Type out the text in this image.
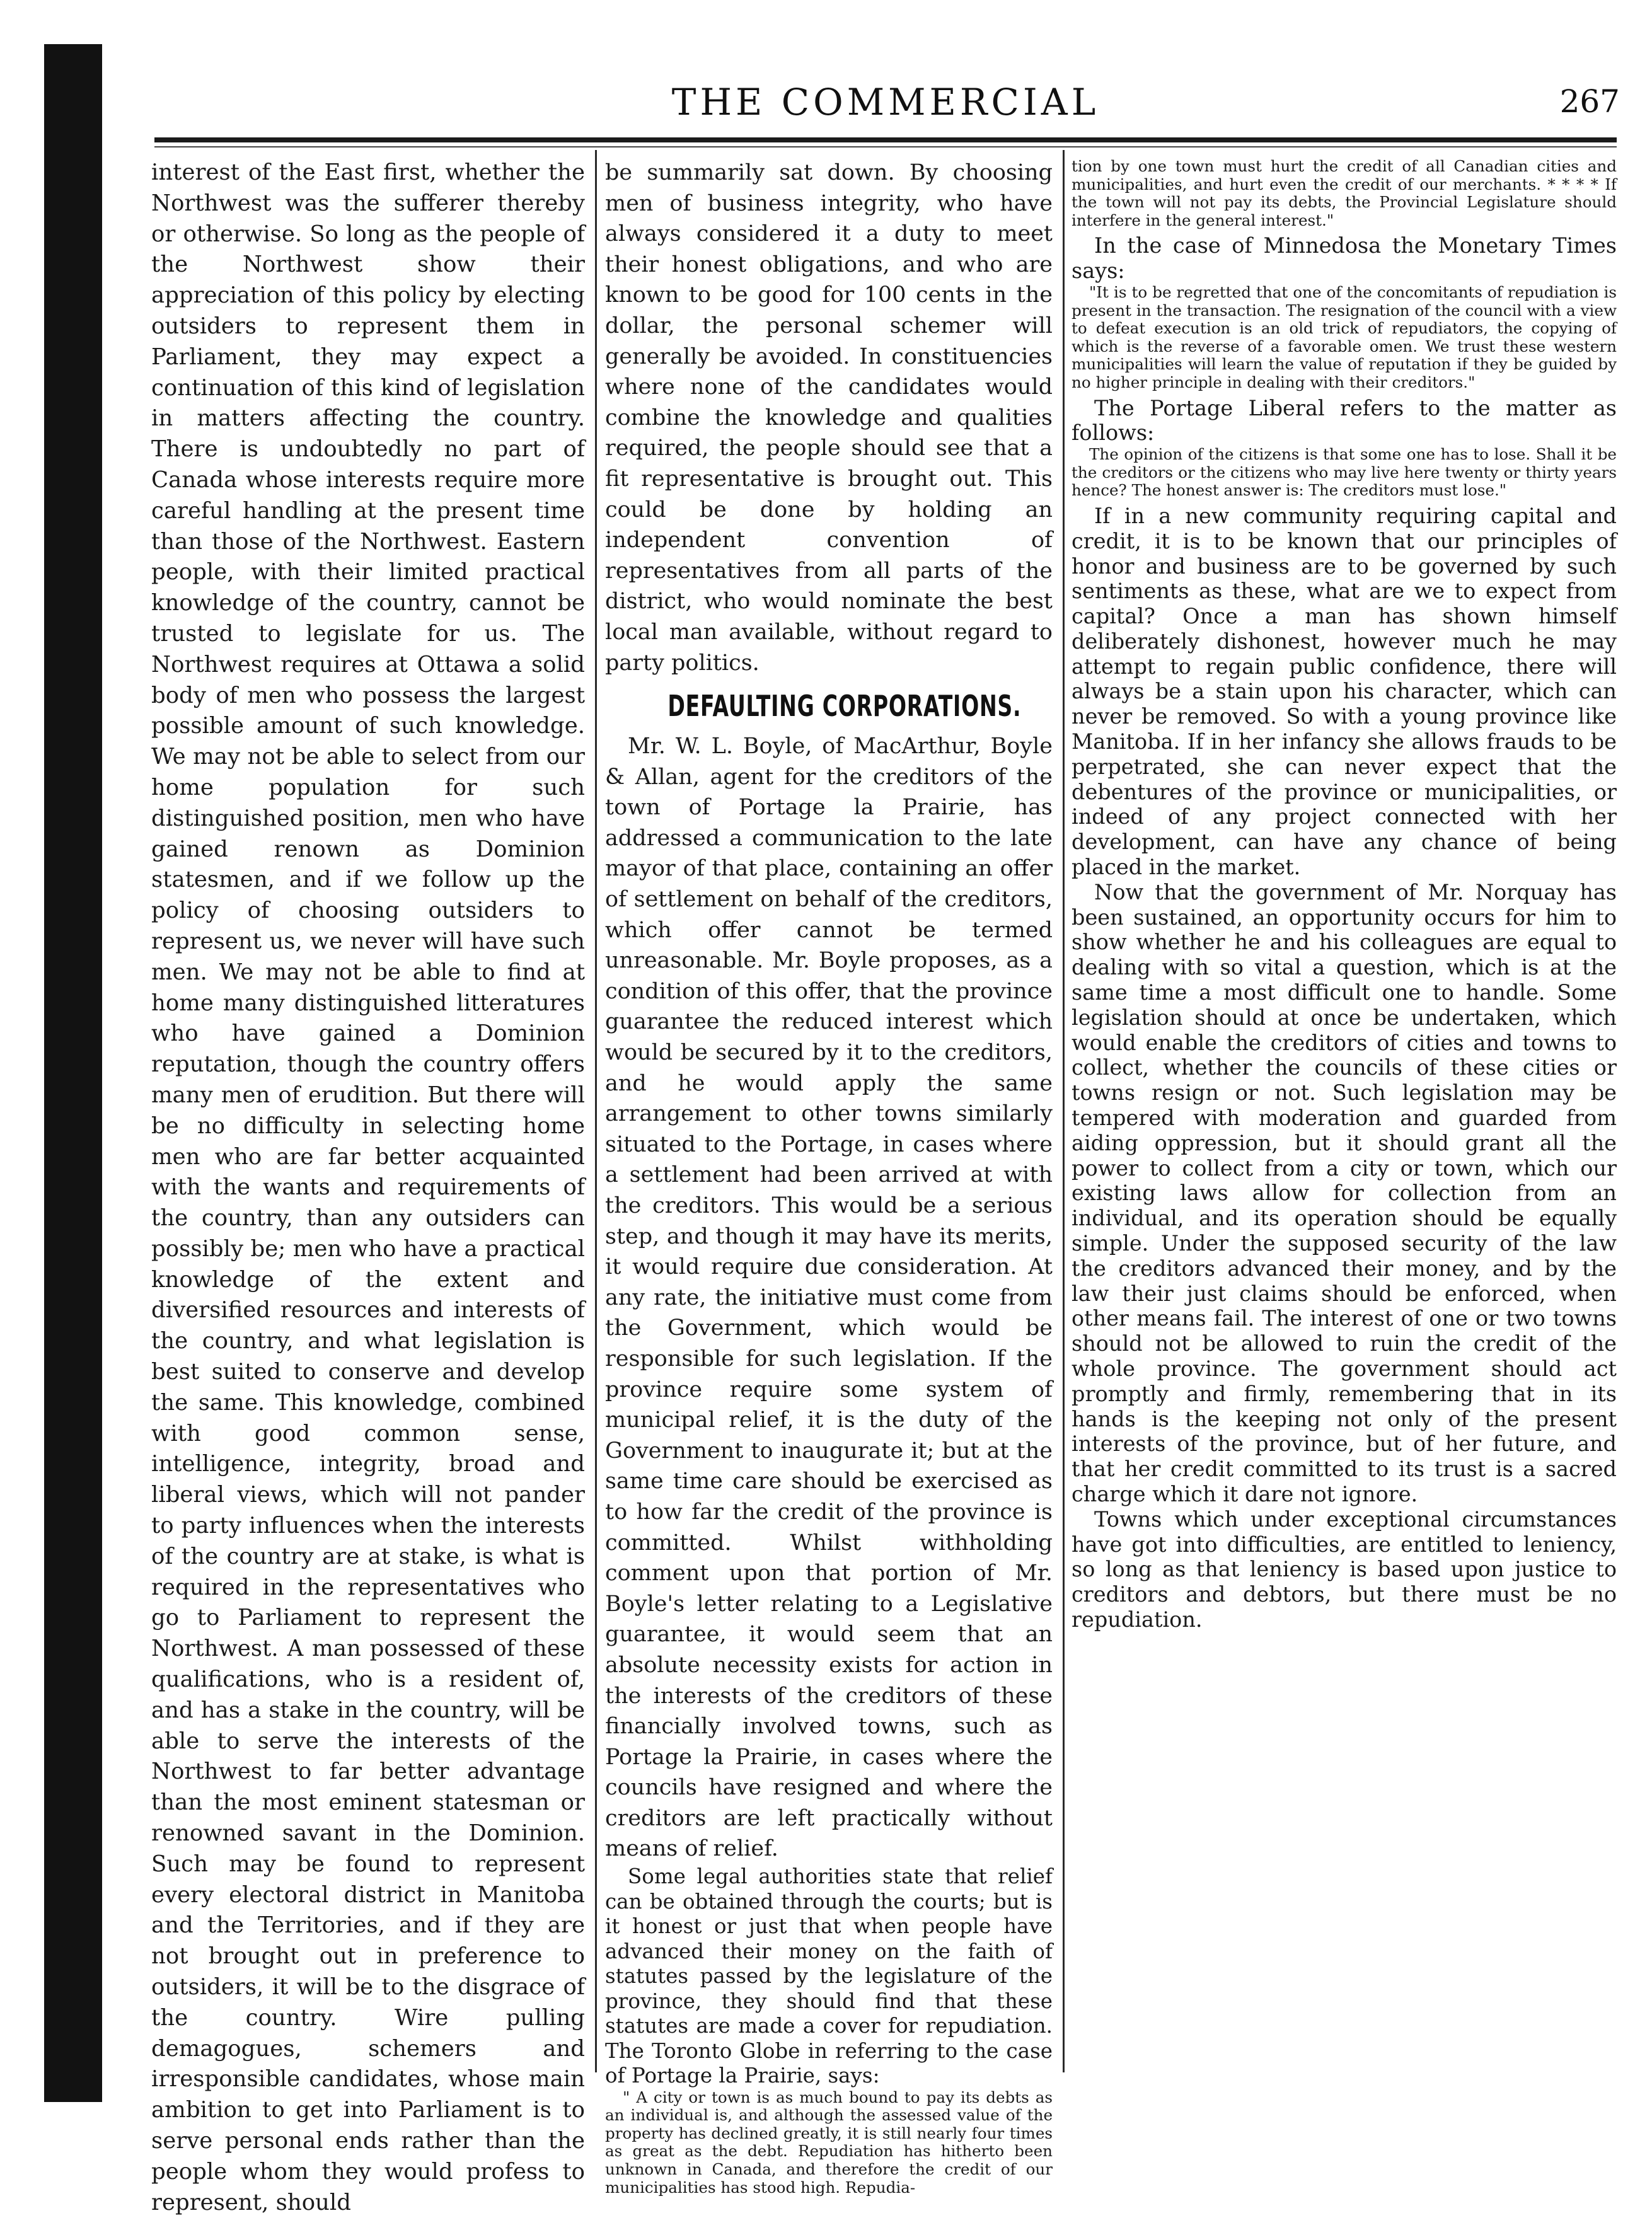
THE COMMERCIAL	267

interest of the East first, whether the Northwest was the sufferer thereby or otherwise. So long as the people of the Northwest show their appreciation of this policy by electing outsiders to represent them in Parliament, they may expect a continuation of this kind of legislation in matters affecting the country. There is undoubtedly no part of Canada whose interests require more careful handling at the present time than those of the Northwest. Eastern people, with their limited practical knowledge of the country, cannot be trusted to legislate for us. The Northwest requires at Ottawa a solid body of men who possess the largest possible amount of such knowledge. We may not be able to select from our home population for such distinguished position, men who have gained renown as Dominion statesmen, and if we follow up the policy of choosing outsiders to represent us, we never will have such men. We may not be able to find at home many distinguished litteratures who have gained a Dominion reputation, though the country offers many men of erudition. But there will be no difficulty in selecting home men who are far better acquainted with the wants and requirements of the country, than any outsiders can possibly be; men who have a practical knowledge of the extent and diversified resources and interests of the country, and what legislation is best suited to conserve and develop the same. This knowledge, combined with good common sense, intelligence, integrity, broad and liberal views, which will not pander to party influences when the interests of the country are at stake, is what is required in the representatives who go to Parliament to represent the Northwest. A man possessed of these qualifications, who is a resident of, and has a stake in the country, will be able to serve the interests of the Northwest to far better advantage than the most eminent statesman or renowned savant in the Dominion. Such may be found to represent every electoral district in Manitoba and the Territories, and if they are not brought out in preference to outsiders, it will be to the disgrace of the country. Wire pulling demagogues, schemers and irresponsible candidates, whose main ambition to get into Parliament is to serve personal ends rather than the people whom they would profess to represent, should

be summarily sat down. By choosing men of business integrity, who have always considered it a duty to meet their honest obligations, and who are known to be good for 100 cents in the dollar, the personal schemer will generally be avoided. In constituencies where none of the candidates would combine the knowledge and qualities required, the people should see that a fit representative is brought out. This could be done by holding an independent convention of representatives from all parts of the district, who would nominate the best local man available, without regard to party politics.

DEFAULTING CORPORATIONS.

Mr. W. L. Boyle, of MacArthur, Boyle & Allan, agent for the creditors of the town of Portage la Prairie, has addressed a communication to the late mayor of that place, containing an offer of settlement on behalf of the creditors, which offer cannot be termed unreasonable. Mr. Boyle proposes, as a condition of this offer, that the province guarantee the reduced interest which would be secured by it to the creditors, and he would apply the same arrangement to other towns similarly situated to the Portage, in cases where a settlement had been arrived at with the creditors. This would be a serious step, and though it may have its merits, it would require due consideration. At any rate, the initiative must come from the Government, which would be responsible for such legislation. If the province require some system of municipal relief, it is the duty of the Government to inaugurate it; but at the same time care should be exercised as to how far the credit of the province is committed. Whilst withholding comment upon that portion of Mr. Boyle's letter relating to a Legislative guarantee, it would seem that an absolute necessity exists for action in the interests of the creditors of these financially involved towns, such as Portage la Prairie, in cases where the councils have resigned and where the creditors are left practically without means of relief.

Some legal authorities state that relief can be obtained through the courts; but is it honest or just that when people have advanced their money on the faith of statutes passed by the legislature of the province, they should find that these statutes are made a cover for repudiation. The Toronto Globe in referring to the case of Portage la Prairie, says:

" A city or town is as much bound to pay its debts as an individual is, and although the assessed value of the property has declined greatly, it is still nearly four times as great as the debt. Repudiation has hitherto been unknown in Canada, and therefore the credit of our municipalities has stood high. Repudia-

tion by one town must hurt the credit of all Canadian cities and municipalities, and hurt even the credit of our merchants. * * * * If the town will not pay its debts, the Provincial Legislature should interfere in the general interest."

In the case of Minnedosa the Monetary Times says:

"It is to be regretted that one of the concomitants of repudiation is present in the transaction. The resignation of the council with a view to defeat execution is an old trick of repudiators, the copying of which is the reverse of a favorable omen. We trust these western municipalities will learn the value of reputation if they be guided by no higher principle in dealing with their creditors."

The Portage Liberal refers to the matter as follows:

The opinion of the citizens is that some one has to lose. Shall it be the creditors or the citizens who may live here twenty or thirty years hence? The honest answer is: The creditors must lose."

If in a new community requiring capital and credit, it is to be known that our principles of honor and business are to be governed by such sentiments as these, what are we to expect from capital? Once a man has shown himself deliberately dishonest, however much he may attempt to regain public confidence, there will always be a stain upon his character, which can never be removed. So with a young province like Manitoba. If in her infancy she allows frauds to be perpetrated, she can never expect that the debentures of the province or municipalities, or indeed of any project connected with her development, can have any chance of being placed in the market.

Now that the government of Mr. Norquay has been sustained, an opportunity occurs for him to show whether he and his colleagues are equal to dealing with so vital a question, which is at the same time a most difficult one to handle. Some legislation should at once be undertaken, which would enable the creditors of cities and towns to collect, whether the councils of these cities or towns resign or not. Such legislation may be tempered with moderation and guarded from aiding oppression, but it should grant all the power to collect from a city or town, which our existing laws allow for collection from an individual, and its operation should be equally simple. Under the supposed security of the law the creditors advanced their money, and by the law their just claims should be enforced, when other means fail. The interest of one or two towns should not be allowed to ruin the credit of the whole province. The government should act promptly and firmly, remembering that in its hands is the keeping not only of the present interests of the province, but of her future, and that her credit committed to its trust is a sacred charge which it dare not ignore.

Towns which under exceptional circumstances have got into difficulties, are entitled to leniency, so long as that leniency is based upon justice to creditors and debtors, but there must be no repudiation.
